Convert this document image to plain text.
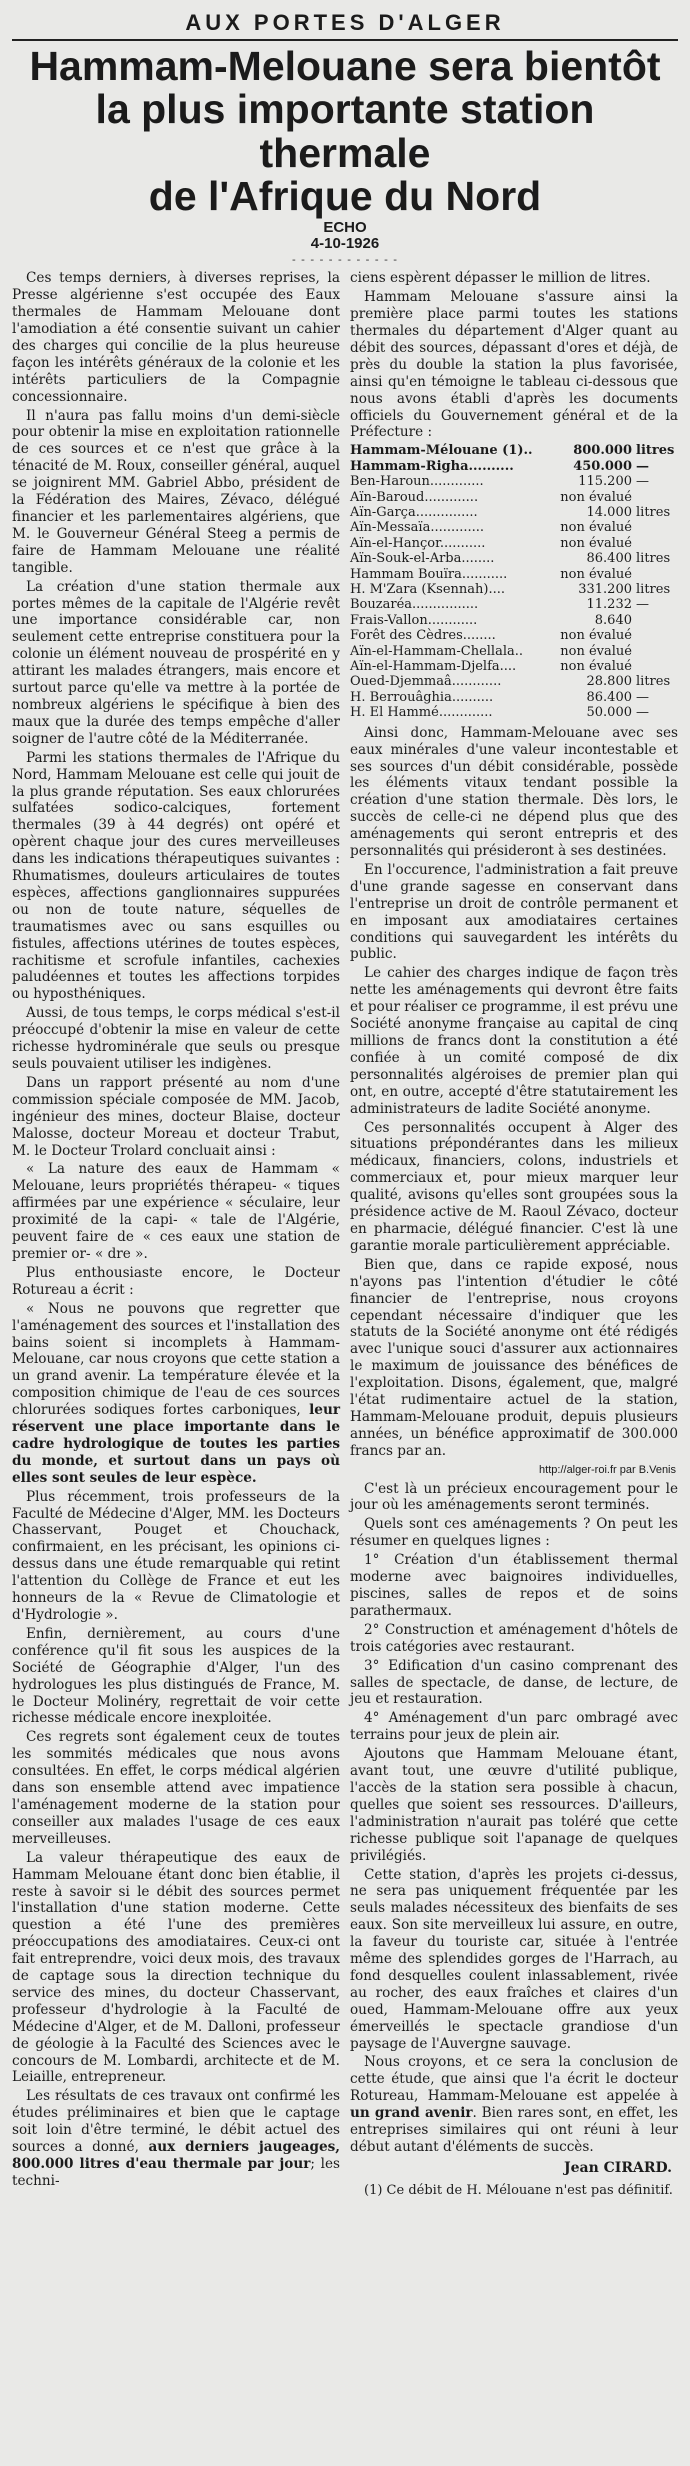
AUX PORTES D'ALGER
Hammam-Melouane sera bientôt
la plus importante station thermale
de l'Afrique du Nord
ECHO
4-10-1926
- - - - - - - - - - - -

Ces temps derniers, à diverses reprises, la Presse algérienne s'est occupée des Eaux thermales de Hammam Melouane dont l'amodiation a été consentie suivant un cahier des charges qui concilie de la plus heureuse façon les intérêts généraux de la colonie et les intérêts particuliers de la Compagnie concessionnaire.

Il n'aura pas fallu moins d'un demi-siècle pour obtenir la mise en exploitation rationnelle de ces sources et ce n'est que grâce à la ténacité de M. Roux, conseiller général, auquel se joignirent MM. Gabriel Abbo, président de la Fédération des Maires, Zévaco, délégué financier et les parlementaires algériens, que M. le Gouverneur Général Steeg a permis de faire de Hammam Melouane une réalité tangible.

La création d'une station thermale aux portes mêmes de la capitale de l'Algérie revêt une importance considérable car, non seulement cette entreprise constituera pour la colonie un élément nouveau de prospérité en y attirant les malades étrangers, mais encore et surtout parce qu'elle va mettre à la portée de nombreux algériens le spécifique à bien des maux que la durée des temps empêche d'aller soigner de l'autre côté de la Méditerranée.

Parmi les stations thermales de l'Afrique du Nord, Hammam Melouane est celle qui jouit de la plus grande réputation. Ses eaux chlorurées sulfatées sodico-calciques, fortement thermales (39 à 44 degrés) ont opéré et opèrent chaque jour des cures merveilleuses dans les indications thérapeutiques suivantes : Rhumatismes, douleurs articulaires de toutes espèces, affections ganglionnaires suppurées ou non de toute nature, séquelles de traumatismes avec ou sans esquilles ou fistules, affections utérines de toutes espèces, rachitisme et scrofule infantiles, cachexies paludéennes et toutes les affections torpides ou hyposthéniques.

Aussi, de tous temps, le corps médical s'est-il préoccupé d'obtenir la mise en valeur de cette richesse hydrominérale que seuls ou presque seuls pouvaient utiliser les indigènes.

Dans un rapport présenté au nom d'une commission spéciale composée de MM. Jacob, ingénieur des mines, docteur Blaise, docteur Malosse, docteur Moreau et docteur Trabut, M. le Docteur Trolard concluait ainsi :

« La nature des eaux de Hammam « Melouane, leurs propriétés thérapeu- « tiques affirmées par une expérience « séculaire, leur proximité de la capi- « tale de l'Algérie, peuvent faire de « ces eaux une station de premier or- « dre ».

Plus enthousiaste encore, le Docteur Rotureau a écrit :

« Nous ne pouvons que regretter que l'aménagement des sources et l'installation des bains soient si incomplets à Hammam-Melouane, car nous croyons que cette station a un grand avenir. La température élevée et la composition chimique de l'eau de ces sources chlorurées sodiques fortes carboniques, leur réservent une place importante dans le cadre hydrologique de toutes les parties du monde, et surtout dans un pays où elles sont seules de leur espèce.

Plus récemment, trois professeurs de la Faculté de Médecine d'Alger, MM. les Docteurs Chasservant, Pouget et Chouchack, confirmaient, en les précisant, les opinions ci-dessus dans une étude remarquable qui retint l'attention du Collège de France et eut les honneurs de la « Revue de Climatologie et d'Hydrologie ».

Enfin, dernièrement, au cours d'une conférence qu'il fit sous les auspices de la Société de Géographie d'Alger, l'un des hydrologues les plus distingués de France, M. le Docteur Molinéry, regrettait de voir cette richesse médicale encore inexploitée.

Ces regrets sont également ceux de toutes les sommités médicales que nous avons consultées. En effet, le corps médical algérien dans son ensemble attend avec impatience l'aménagement moderne de la station pour conseiller aux malades l'usage de ces eaux merveilleuses.

La valeur thérapeutique des eaux de Hammam Melouane étant donc bien établie, il reste à savoir si le débit des sources permet l'installation d'une station moderne. Cette question a été l'une des premières préoccupations des amodiataires. Ceux-ci ont fait entreprendre, voici deux mois, des travaux de captage sous la direction technique du service des mines, du docteur Chasservant, professeur d'hydrologie à la Faculté de Médecine d'Alger, et de M. Dalloni, professeur de géologie à la Faculté des Sciences avec le concours de M. Lombardi, architecte et de M. Leiaille, entrepreneur.

Les résultats de ces travaux ont confirmé les études préliminaires et bien que le captage soit loin d'être terminé, le débit actuel des sources a donné, aux derniers jaugeages, 800.000 litres d'eau thermale par jour; les techni-

ciens espèrent dépasser le million de litres.

Hammam Melouane s'assure ainsi la première place parmi toutes les stations thermales du département d'Alger quant au débit des sources, dépassant d'ores et déjà, de près du double la station la plus favorisée, ainsi qu'en témoigne le tableau ci-dessous que nous avons établi d'après les documents officiels du Gouvernement général et de la Préfecture :

Hammam-Mélouane (1)..	800.000	litres
Hammam-Righa..........	450.000	—
Ben-Haroun.............	115.200	—
Aïn-Baroud.............	non évalué	
Aïn-Garça...............	14.000	litres
Aïn-Messaïa.............	non évalué	
Aïn-el-Hançor...........	non évalué	
Aïn-Souk-el-Arba........	86.400	litres
Hammam Bouïra...........	non évalué	
H. M'Zara (Ksennah)....	331.200	litres
Bouzaréa................	11.232	—
Frais-Vallon............	8.640	
Forêt des Cèdres........	non évalué	
Aïn-el-Hammam-Chellala..	non évalué	
Aïn-el-Hammam-Djelfa....	non évalué	
Oued-Djemmaâ............	28.800	litres
H. Berrouâghia..........	86.400	—
H. El Hammé.............	50.000	—

Ainsi donc, Hammam-Melouane avec ses eaux minérales d'une valeur incontestable et ses sources d'un débit considérable, possède les éléments vitaux tendant possible la création d'une station thermale. Dès lors, le succès de celle-ci ne dépend plus que des aménagements qui seront entrepris et des personnalités qui présideront à ses destinées.

En l'occurence, l'administration a fait preuve d'une grande sagesse en conservant dans l'entreprise un droit de contrôle permanent et en imposant aux amodiataires certaines conditions qui sauvegardent les intérêts du public.

Le cahier des charges indique de façon très nette les aménagements qui devront être faits et pour réaliser ce programme, il est prévu une Société anonyme française au capital de cinq millions de francs dont la constitution a été confiée à un comité composé de dix personnalités algéroises de premier plan qui ont, en outre, accepté d'être statutairement les administrateurs de ladite Société anonyme.

Ces personnalités occupent à Alger des situations prépondérantes dans les milieux médicaux, financiers, colons, industriels et commerciaux et, pour mieux marquer leur qualité, avisons qu'elles sont groupées sous la présidence active de M. Raoul Zévaco, docteur en pharmacie, délégué financier. C'est là une garantie morale particulièrement appréciable.

Bien que, dans ce rapide exposé, nous n'ayons pas l'intention d'étudier le côté financier de l'entreprise, nous croyons cependant nécessaire d'indiquer que les statuts de la Société anonyme ont été rédigés avec l'unique souci d'assurer aux actionnaires le maximum de jouissance des bénéfices de l'exploitation. Disons, également, que, malgré l'état rudimentaire actuel de la station, Hammam-Melouane produit, depuis plusieurs années, un bénéfice approximatif de 300.000 francs par an.

http://alger-roi.fr par B.Venis

C'est là un précieux encouragement pour le jour où les aménagements seront terminés.

Quels sont ces aménagements ? On peut les résumer en quelques lignes :

1° Création d'un établissement thermal moderne avec baignoires individuelles, piscines, salles de repos et de soins parathermaux.

2° Construction et aménagement d'hôtels de trois catégories avec restaurant.

3° Edification d'un casino comprenant des salles de spectacle, de danse, de lecture, de jeu et restauration.

4° Aménagement d'un parc ombragé avec terrains pour jeux de plein air.

Ajoutons que Hammam Melouane étant, avant tout, une œuvre d'utilité publique, l'accès de la station sera possible à chacun, quelles que soient ses ressources. D'ailleurs, l'administration n'aurait pas toléré que cette richesse publique soit l'apanage de quelques privilégiés.

Cette station, d'après les projets ci-dessus, ne sera pas uniquement fréquentée par les seuls malades nécessiteux des bienfaits de ses eaux. Son site merveilleux lui assure, en outre, la faveur du touriste car, située à l'entrée même des splendides gorges de l'Harrach, au fond desquelles coulent inlassablement, rivée au rocher, des eaux fraîches et claires d'un oued, Hammam-Melouane offre aux yeux émerveillés le spectacle grandiose d'un paysage de l'Auvergne sauvage.

Nous croyons, et ce sera la conclusion de cette étude, que ainsi que l'a écrit le docteur Rotureau, Hammam-Melouane est appelée à un grand avenir. Bien rares sont, en effet, les entreprises similaires qui ont réuni à leur début autant d'éléments de succès.

Jean CIRARD.
(1) Ce débit de H. Mélouane n'est pas définitif.
